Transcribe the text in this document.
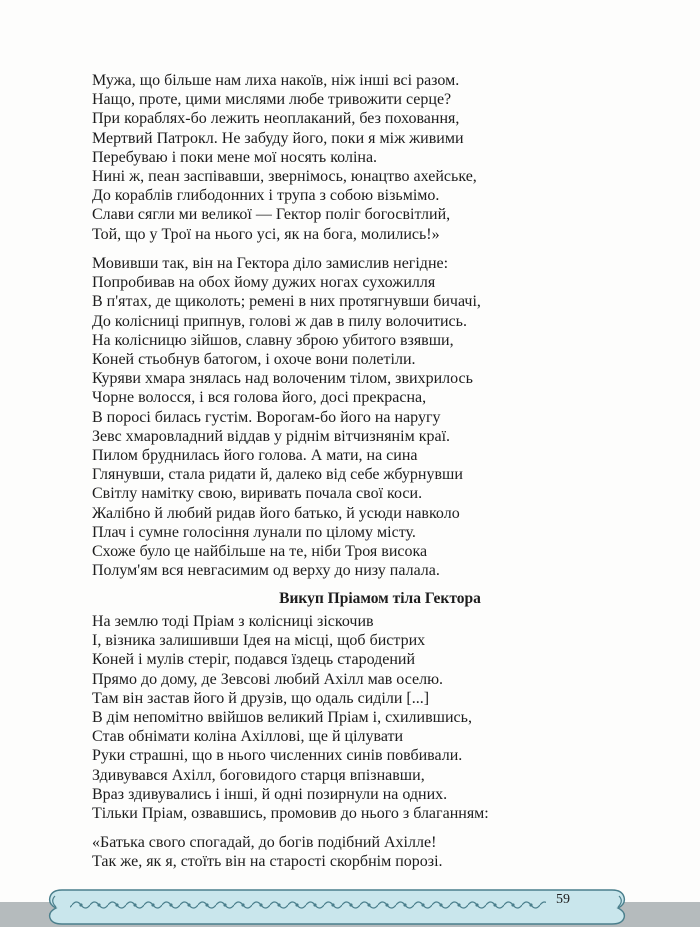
Мужа, що більше нам лиха накоїв, ніж інші всі разом.
Нащо, проте, цими мислями любе тривожити серце?
При кораблях-бо лежить неоплаканий, без поховання,
Мертвий Патрокл. Не забуду його, поки я між живими
Перебуваю і поки мене мої носять коліна.
Нині ж, пеан заспівавши, звернімось, юнацтво ахейське,
До кораблів глибодонних і трупа з собою візьмімо.
Слави сягли ми великої — Гектор поліг богосвітлий,
Той, що у Трої на нього усі, як на бога, молились!»
Мовивши так, він на Гектора діло замислив негідне:
Попробивав на обох йому дужих ногах сухожилля
В п'ятах, де щиколоть; ремені в них протягнувши бичачі,
До колісниці припнув, голові ж дав в пилу волочитись.
На колісницю зійшов, славну зброю убитого взявши,
Коней стьобнув батогом, і охоче вони полетіли.
Куряви хмара знялась над волоченим тілом, звихрилось
Чорне волосся, і вся голова його, досі прекрасна,
В порoсі билась густім. Ворогам-бо його на наругу
Зевс хмаровладний віддав у ріднім вітчизнянім краї.
Пилом бруднилась його голова. А мати, на сина
Глянувши, стала ридати й, далеко від себе жбурнувши
Світлу намітку свою, виривать почала свої коси.
Жалібно й любий ридав його батько, й усюди навколо
Плач і сумне голосіння лунали по цілому місту.
Схоже було це найбільше на те, ніби Троя висока
Полум'ям вся невгасимим од верху до низу палала.
Викуп Пріамом тіла Гектора
На землю тоді Пріам з колісниці зіскочив
І, візника залишивши Ідея на місці, щоб бистрих
Коней і мулів стеріг, подався їздець стародений
Прямо до дому, де Зевсові любий Ахілл мав оселю.
Там він застав його й друзів, що одаль сиділи [...]
В дім непомітно ввійшов великий Пріам і, схилившись,
Став обнімати коліна Ахіллові, ще й цілувати
Руки страшні, що в нього численних синів повбивали.
Здивувався Ахілл, боговидого старця впізнавши,
Враз здивувались і інші, й одні позирнули на одних.
Тільки Пріам, озвавшись, промовив до нього з благанням:
«Батька свого спогадай, до богів подібний Ахілле!
Так же, як я, стоїть він на старості скорбнім порозі.
59
